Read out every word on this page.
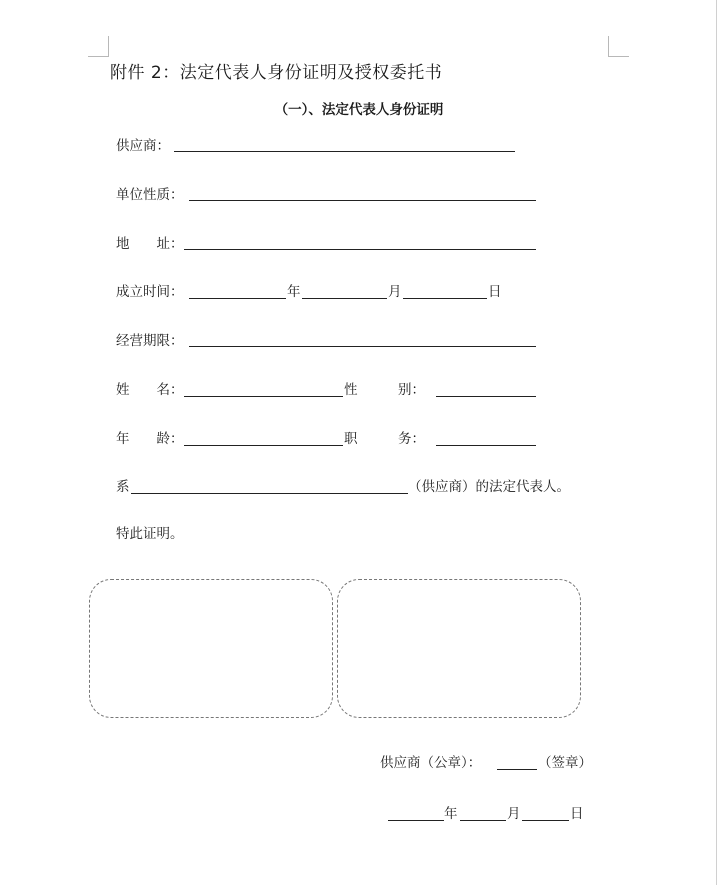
附件 2：法定代表人身份证明及授权委托书
（一）、法定代表人身份证明
供应商：
单位性质：
地　　址：
成立时间：	年	月	日
经营期限：
姓　　名：	性　　　别：
年　　龄：	职　　　务：
系	（供应商）的法定代表人。
特此证明。
供应商（公章）：	（签章）
年	月	日
